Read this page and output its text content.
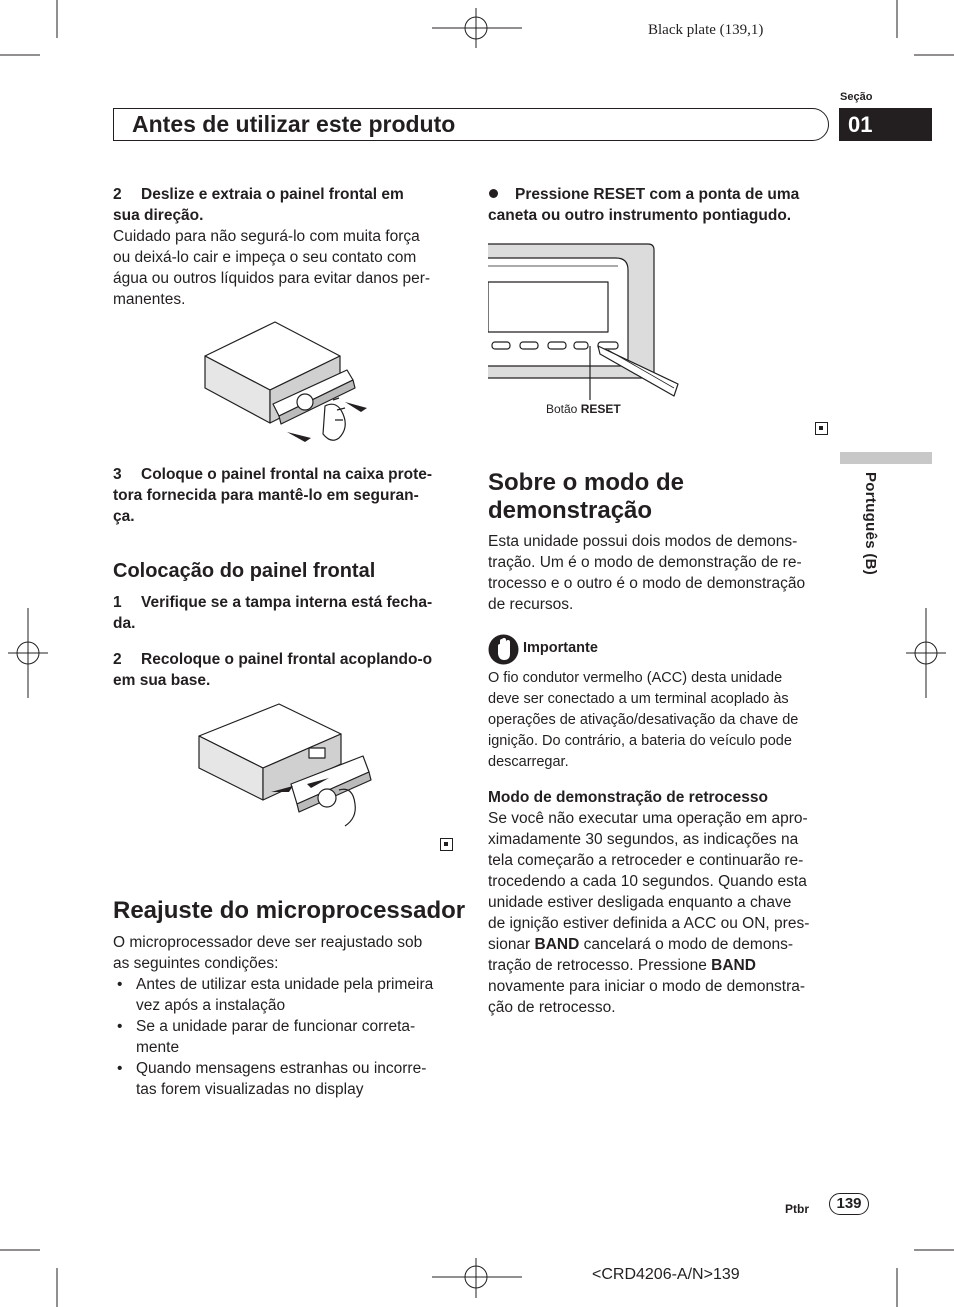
Black plate (139,1)
Seção
01
Antes de utilizar este produto
Português (B)
2 Deslize e extraia o painel frontal em
sua direção.
Cuidado para não segurá-lo com muita força
ou deixá-lo cair e impeça o seu contato com
água ou outros líquidos para evitar danos per-
manentes.
3 Coloque o painel frontal na caixa prote-
tora fornecida para mantê-lo em seguran-
ça.
Colocação do painel frontal
1 Verifique se a tampa interna está fecha-
da.
2 Recoloque o painel frontal acoplando-o
em sua base.
Reajuste do microprocessador
O microprocessador deve ser reajustado sob
as seguintes condições:
• Antes de utilizar esta unidade pela primeira
vez após a instalação
• Se a unidade parar de funcionar correta-
mente
• Quando mensagens estranhas ou incorre-
tas forem visualizadas no display
Pressione RESET com a ponta de uma
caneta ou outro instrumento pontiagudo.
Botão RESET
Sobre o modo de
demonstração
Esta unidade possui dois modos de demons-
tração. Um é o modo de demonstração de re-
trocesso e o outro é o modo de demonstração
de recursos.
Importante
O fio condutor vermelho (ACC) desta unidade
deve ser conectado a um terminal acoplado às
operações de ativação/desativação da chave de
ignição. Do contrário, a bateria do veículo pode
descarregar.
Modo de demonstração de retrocesso
Se você não executar uma operação em apro-
ximadamente 30 segundos, as indicações na
tela começarão a retroceder e continuarão re-
trocedendo a cada 10 segundos. Quando esta
unidade estiver desligada enquanto a chave
de ignição estiver definida a ACC ou ON, pres-
sionar BAND cancelará o modo de demons-
tração de retrocesso. Pressione BAND
novamente para iniciar o modo de demonstra-
ção de retrocesso.
Ptbr	139
<CRD4206-A/N>139
